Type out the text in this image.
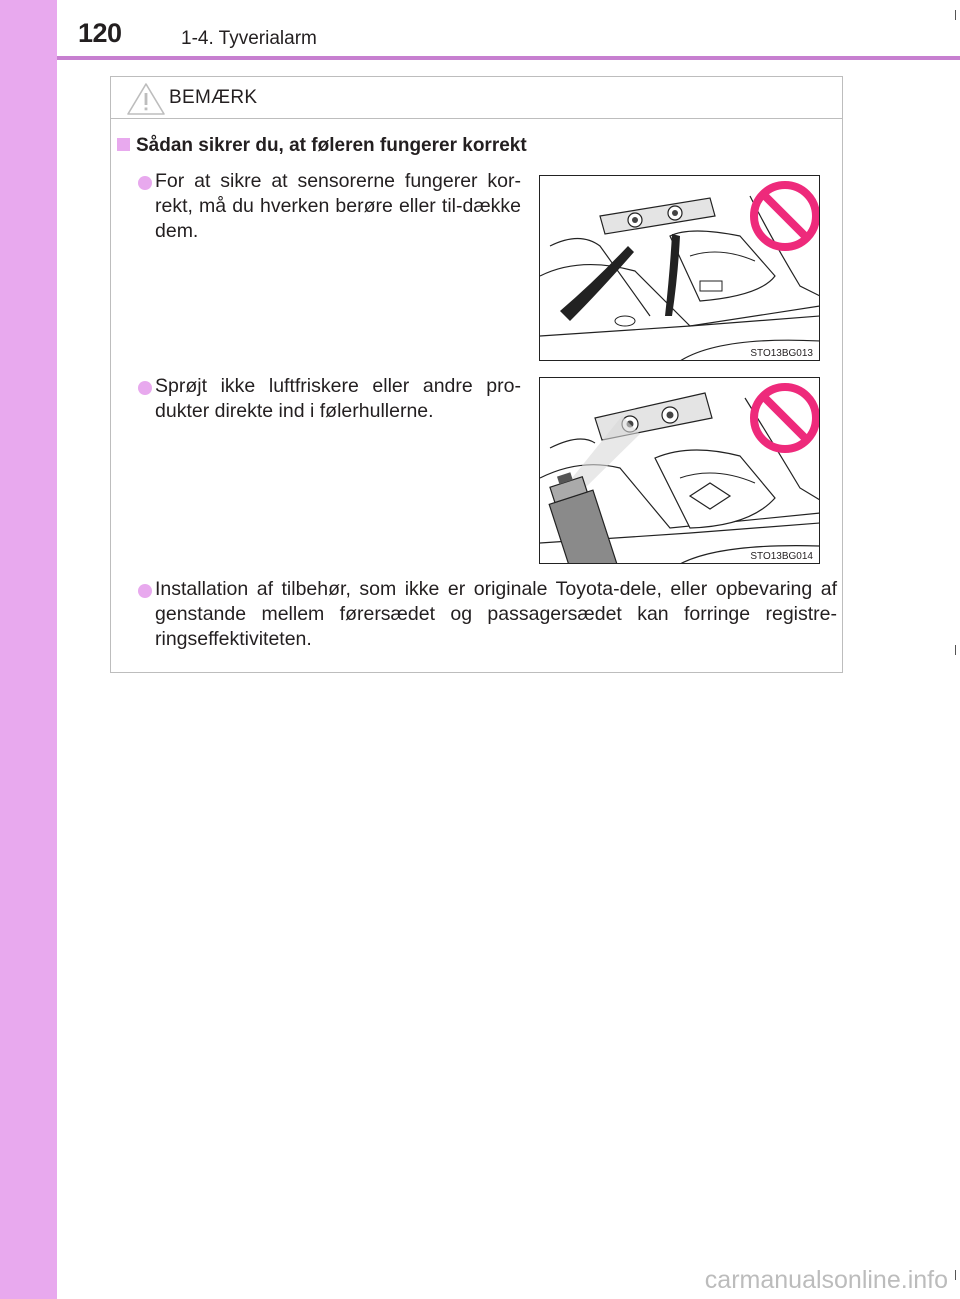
120	1-4. Tyverialarm
BEMÆRK
Sådan sikrer du, at føleren fungerer korrekt
For at sikre at sensorerne fungerer kor-rekt, må du hverken berøre eller til-dække dem.
STO13BG013
Sprøjt ikke luftfriskere eller andre pro-dukter direkte ind i følerhullerne.
STO13BG014
Installation af tilbehør, som ikke er originale Toyota-dele, eller opbevaring af genstande mellem førersædet og passagersædet kan forringe registre-ringseffektiviteten.
carmanualsonline.info
